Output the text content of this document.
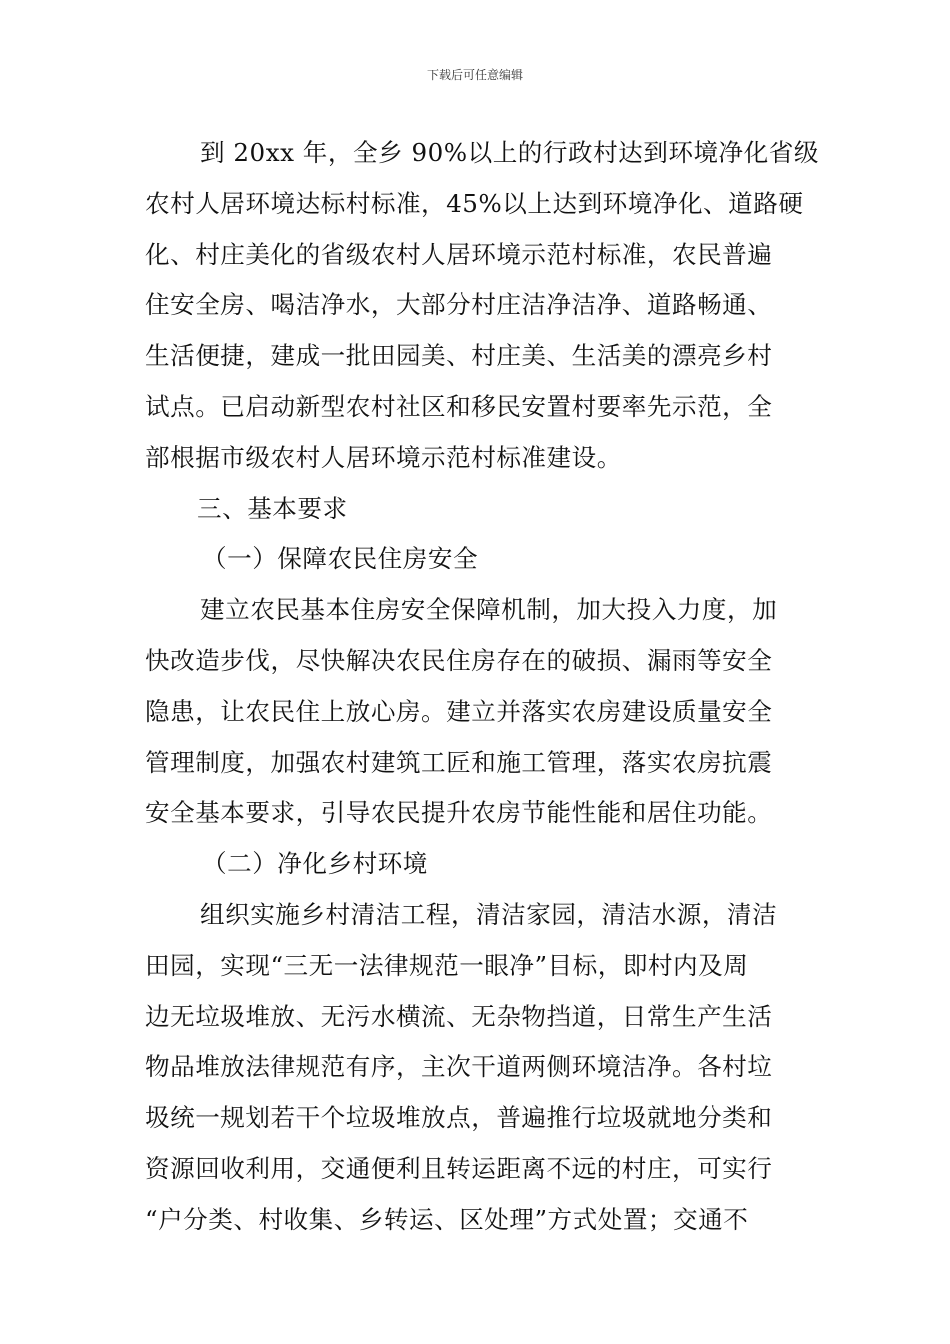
下载后可任意编辑
到 20xx 年，全乡 90%以上的行政村达到环境净化省级
农村人居环境达标村标准，45%以上达到环境净化、道路硬
化、村庄美化的省级农村人居环境示范村标准，农民普遍
住安全房、喝洁净水，大部分村庄洁净洁净、道路畅通、
生活便捷，建成一批田园美、村庄美、生活美的漂亮乡村
试点。已启动新型农村社区和移民安置村要率先示范，全
部根据市级农村人居环境示范村标准建设。
三、基本要求
（一）保障农民住房安全
建立农民基本住房安全保障机制，加大投入力度，加
快改造步伐，尽快解决农民住房存在的破损、漏雨等安全
隐患，让农民住上放心房。建立并落实农房建设质量安全
管理制度，加强农村建筑工匠和施工管理，落实农房抗震
安全基本要求，引导农民提升农房节能性能和居住功能。
（二）净化乡村环境
组织实施乡村清洁工程，清洁家园，清洁水源，清洁
田园，实现“三无一法律规范一眼净”目标，即村内及周
边无垃圾堆放、无污水横流、无杂物挡道，日常生产生活
物品堆放法律规范有序，主次干道两侧环境洁净。各村垃
圾统一规划若干个垃圾堆放点，普遍推行垃圾就地分类和
资源回收利用，交通便利且转运距离不远的村庄，可实行
“户分类、村收集、乡转运、区处理”方式处置；交通不
